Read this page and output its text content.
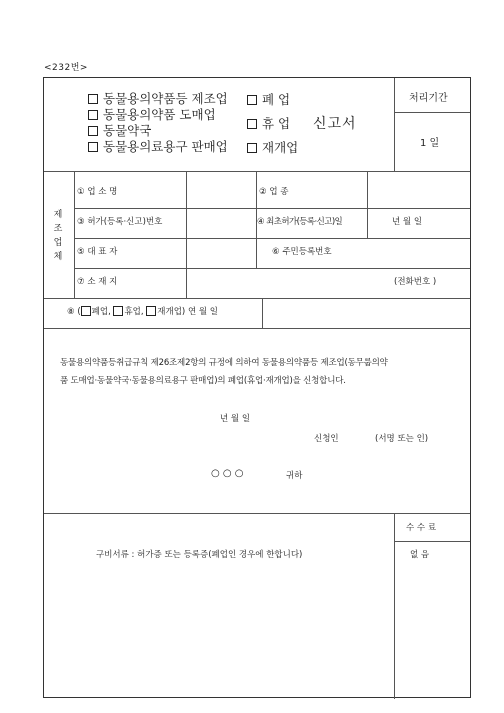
<232번>
동물용의약품등 제조업
동물용의약품 도매업
동물약국
동물용의료용구 판매업
폐 업
휴 업 신고서
재개업
처리기간
1 일
제
조
업
체
① 업 소 명	② 업 종
③ 허가(등록·신고)번호	④ 최초허가(등록·신고)일	년 월 일
⑤ 대 표 자	⑥ 주민등록번호
⑦ 소 재 지	(전화번호 )
⑧ ( 폐업, 휴업, 재개업) 연 월 일
동물용의약품등취급규칙 제26조제2항의 규정에 의하여 동물용의약품등 제조업(동무룹의약
품 도매업·동물약국·동물용의료용구 판매업)의 폐업(휴업·재개업)을 신청합니다.
년 월 일
신청인	(서명 또는 인)
○ ○ ○	귀하
구비서류 : 허가증 또는 등록증(폐업인 경우에 한합니다)
수 수 료
없 음
